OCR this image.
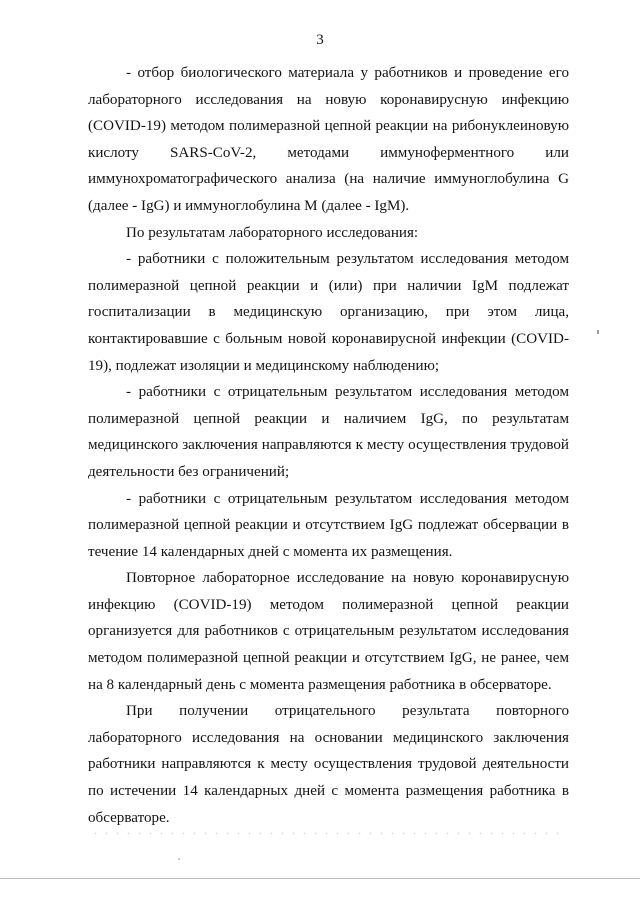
3

- отбор биологического материала у работников и проведение его лабораторного исследования на новую коронавирусную инфекцию (COVID-19) методом полимеразной цепной реакции на рибонуклеиновую кислоту SARS-CoV-2, методами иммуноферментного или иммунохроматографического анализа (на наличие иммуноглобулина G (далее - IgG) и иммуноглобулина М (далее - IgM).

По результатам лабораторного исследования:

- работники с положительным результатом исследования методом полимеразной цепной реакции и (или) при наличии IgM подлежат госпитализации в медицинскую организацию, при этом лица, контактировавшие с больным новой коронавирусной инфекции (COVID-19), подлежат изоляции и медицинскому наблюдению;

- работники с отрицательным результатом исследования методом полимеразной цепной реакции и наличием IgG, по результатам медицинского заключения направляются к месту осуществления трудовой деятельности без ограничений;

- работники с отрицательным результатом исследования методом полимеразной цепной реакции и отсутствием IgG подлежат обсервации в течение 14 календарных дней с момента их размещения.

Повторное лабораторное исследование на новую коронавирусную инфекцию (COVID-19) методом полимеразной цепной реакции организуется для работников с отрицательным результатом исследования методом полимеразной цепной реакции и отсутствием IgG, не ранее, чем на 8 календарный день с момента размещения работника в обсерваторе.

При получении отрицательного результата повторного лабораторного исследования на основании медицинского заключения работники направляются к месту осуществления трудовой деятельности по истечении 14 календарных дней с момента размещения работника в обсерваторе.
